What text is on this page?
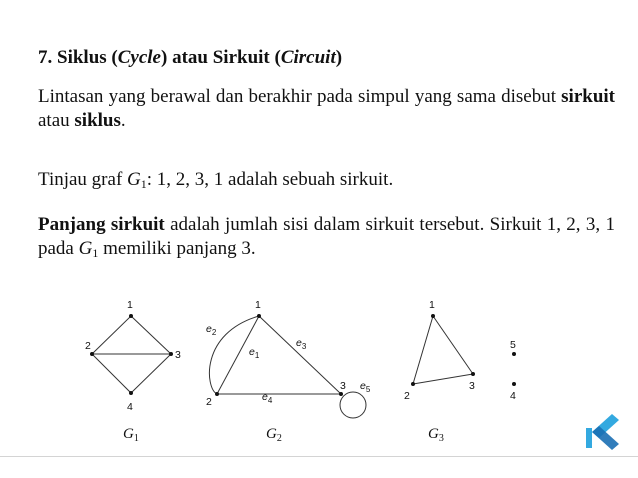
7. Siklus (Cycle) atau Sirkuit (Circuit)
Lintasan yang berawal dan berakhir pada simpul yang sama disebut sirkuit atau siklus.
Tinjau graf $G_1$: 1, 2, 3, 1 adalah sebuah sirkuit.
Panjang sirkuit adalah jumlah sisi dalam sirkuit tersebut. Sirkuit 1, 2, 3, 1 pada $G_1$ memiliki panjang 3.
1
2
3
4
$G_1$
1
2
3
$e_1$
$e_2$
$e_3$
$e_4$
$e_5$
$G_2$
1
2
3
4
5
$G_3$
